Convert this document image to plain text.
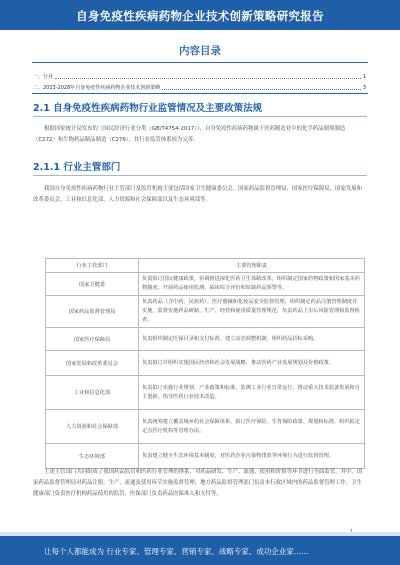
自身免疫性疾病药物企业技术创新策略研究报告
内容目录
一、行业	1
二、2023-2028年自身免疫性疾病药物企业技术创新策略	3
2.1 自身免疫性疾病药物行业监管情况及主要政策法规

根据国家统计局发布的《国民经济行业分类（GB/T4754-2017）》，自身免疫性疾病药物属于医药制造业中的化学药品制剂制造（C272）和生物药品制品制造（C276），其行业监管体系较为完善。

2.1.1 行业主管部门

我国自身免疫性疾病药物行业主管部门及监管机构主要包括国家卫生健康委员会、国家药品监督管理局、国家医疗保障局、国家发展和改革委员会、工业和信息化部、人力资源和社会保障部以及生态环境部等。

行业主管部门	主要管理职责
国家卫健委	负责拟订国民健康政策，协调推进深化医药卫生体制改革，组织制定国家药物政策和国家基本药物制度，开展药品使用监测、临床综合评价和短缺药品预警等。
国家药品监督管理局	负责药品（含中药、民族药）、医疗器械和化妆品安全监督管理，组织制定药品注册管理制度并实施，监督实施药品研制、生产、经营和使用质量管理规范，负责药品上市后风险管理和监督检查。
国家医疗保障局	负责组织制定医保目录和支付标准，建立动态调整机制，组织药品招标采购。
国家发展和改革委员会	负责拟订并组织实施国民经济和社会发展战略，推动医药产业发展规划及价格政策。
工业和信息化部	负责拟订实施行业规划、产业政策和标准，监测工业行业日常运行，推动重大技术装备发展和自主创新，指导医药行业技术改造。
人力资源和社会保障部	负责统筹建立覆盖城乡的社会保障体系，拟订医疗保险、生育保险政策、规划和标准，组织拟定定点医疗机构等管理办法。
生态环境部	负责建立健全生态环境基本制度，对医药企业污染物排放等环境行为进行监督管理。

上述主管部门共同组成了我国药品监管和医药行业管理的体系，对药品研发、生产、流通、使用和价格等环节进行全面监管。其中，国家药品监督管理局对药品注册、生产、流通及使用环节实施监督管理，地方药品监督管理部门负责本行政区域内的药品监督管理工作。卫生健康部门负责医疗机构药品使用的监管，医保部门负责药品医保准入和支付等。

让每个人都能成为 行业专家、管理专家、营销专家、战略专家、成功企业家......
